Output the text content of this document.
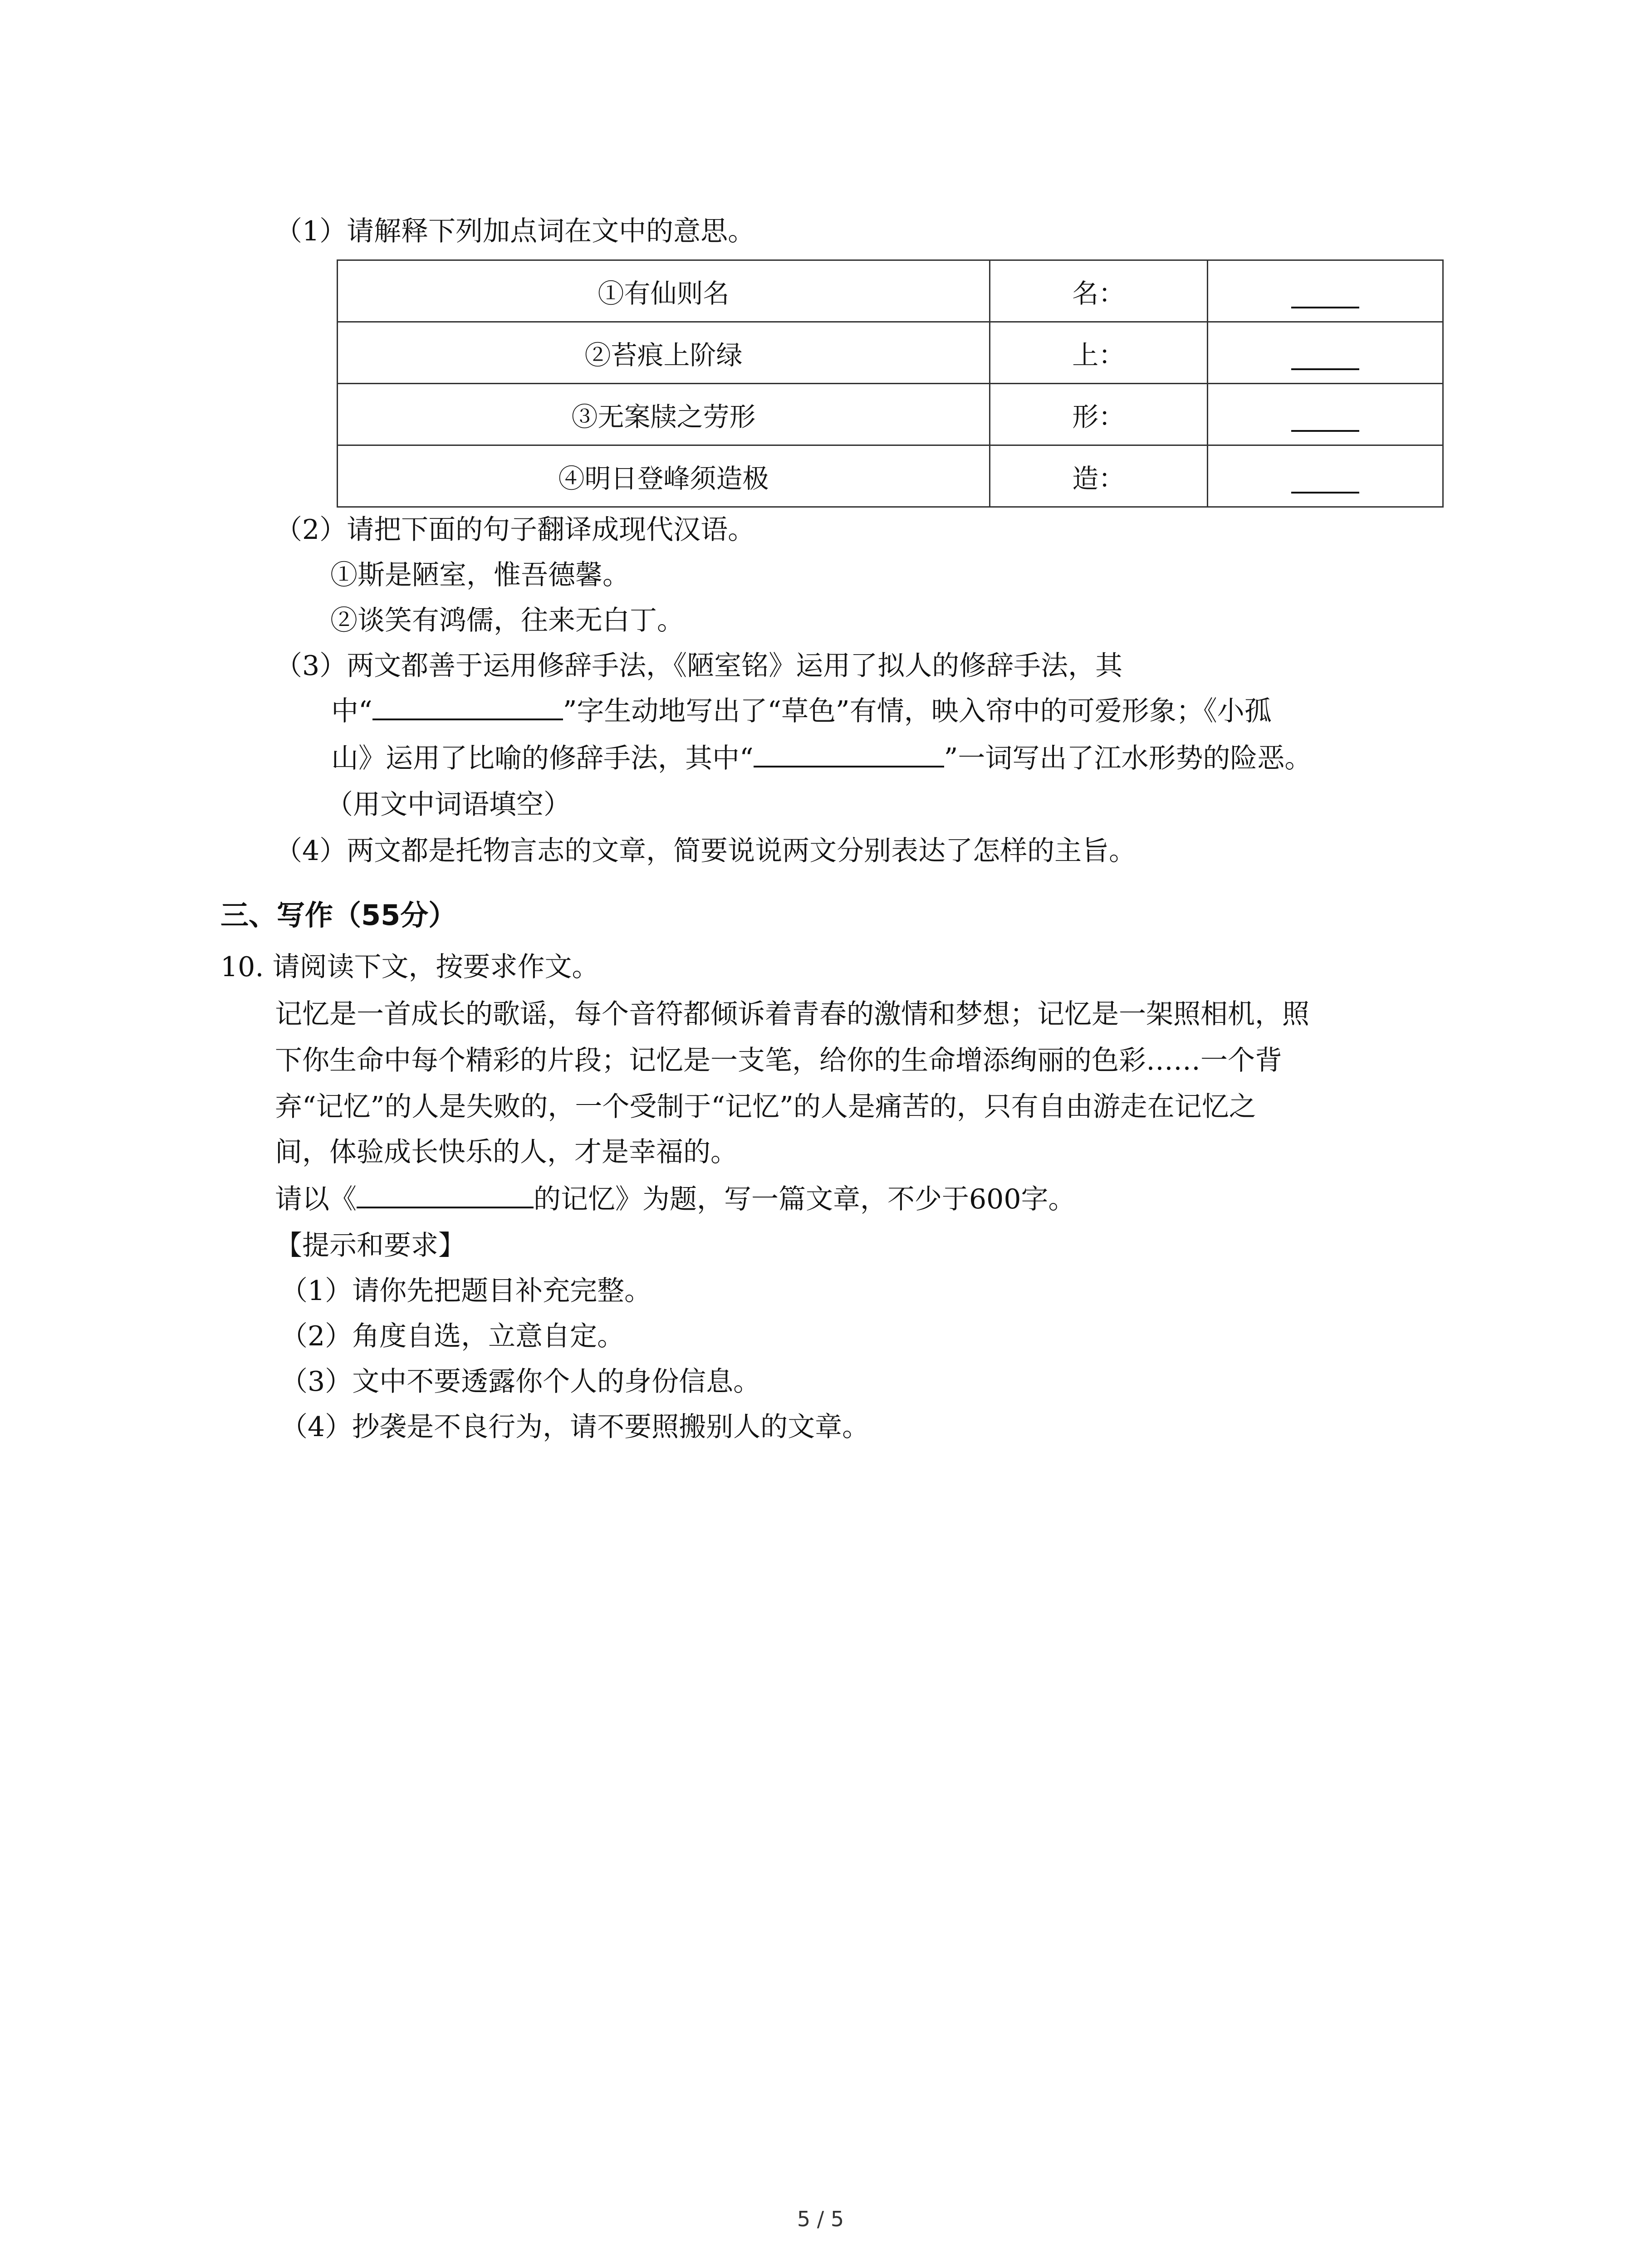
（1）请解释下列加点词在文中的意思。
①有仙则名	名：	
②苔痕上阶绿	上：	
③无案牍之劳形	形：	
④明日登峰须造极	造：	
（2）请把下面的句子翻译成现代汉语。
①斯是陋室，惟吾德馨。
②谈笑有鸿儒，往来无白丁。
（3）两文都善于运用修辞手法，《陋室铭》运用了拟人的修辞手法，其
中“	”字生动地写出了“草色”有情，映入帘中的可爱形象；《小孤
山》运用了比喻的修辞手法，其中“	”一词写出了江水形势的险恶。
（用文中词语填空）
（4）两文都是托物言志的文章，简要说说两文分别表达了怎样的主旨。
三、写作（55分）
10. 请阅读下文，按要求作文。
记忆是一首成长的歌谣，每个音符都倾诉着青春的激情和梦想；记忆是一架照相机，照
下你生命中每个精彩的片段；记忆是一支笔，给你的生命增添绚丽的色彩……一个背
弃“记忆”的人是失败的，一个受制于“记忆”的人是痛苦的，只有自由游走在记忆之
间，体验成长快乐的人，才是幸福的。
请以《	的记忆》为题，写一篇文章，不少于600字。
【提示和要求】
（1）请你先把题目补充完整。
（2）角度自选，立意自定。
（3）文中不要透露你个人的身份信息。
（4）抄袭是不良行为，请不要照搬别人的文章。
5 / 5
